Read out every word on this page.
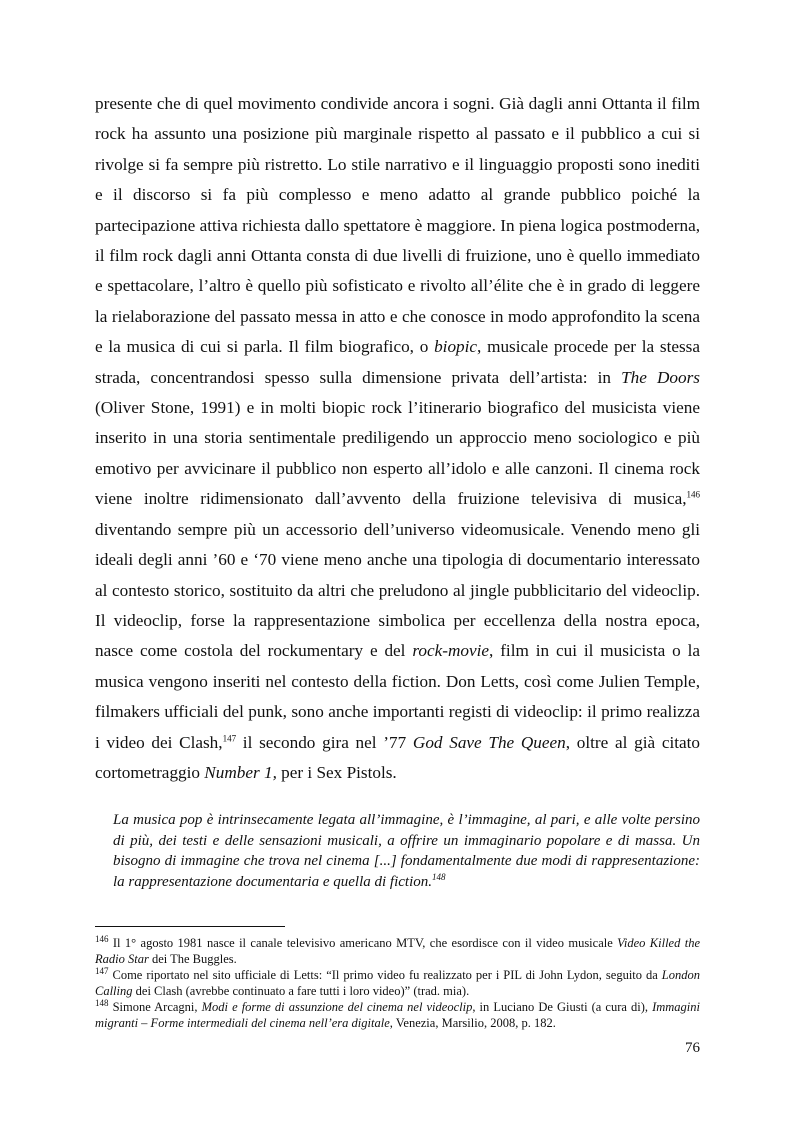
presente che di quel movimento condivide ancora i sogni. Già dagli anni Ottanta il film rock ha assunto una posizione più marginale rispetto al passato e il pubblico a cui si rivolge si fa sempre più ristretto. Lo stile narrativo e il linguaggio proposti sono inediti e il discorso si fa più complesso e meno adatto al grande pubblico poiché la partecipazione attiva richiesta dallo spettatore è maggiore. In piena logica postmoderna, il film rock dagli anni Ottanta consta di due livelli di fruizione, uno è quello immediato e spettacolare, l’altro è quello più sofisticato e rivolto all’élite che è in grado di leggere la rielaborazione del passato messa in atto e che conosce in modo approfondito la scena e la musica di cui si parla. Il film biografico, o biopic, musicale procede per la stessa strada, concentrandosi spesso sulla dimensione privata dell’artista: in The Doors (Oliver Stone, 1991) e in molti biopic rock l’itinerario biografico del musicista viene inserito in una storia sentimentale prediligendo un approccio meno sociologico e più emotivo per avvicinare il pubblico non esperto all’idolo e alle canzoni. Il cinema rock viene inoltre ridimensionato dall’avvento della fruizione televisiva di musica,$^{146}$ diventando sempre più un accessorio dell’universo videomusicale. Venendo meno gli ideali degli anni ’60 e ‘70 viene meno anche una tipologia di documentario interessato al contesto storico, sostituito da altri che preludono al jingle pubblicitario del videoclip. Il videoclip, forse la rappresentazione simbolica per eccellenza della nostra epoca, nasce come costola del rockumentary e del rock-movie, film in cui il musicista o la musica vengono inseriti nel contesto della fiction. Don Letts, così come Julien Temple, filmakers ufficiali del punk, sono anche importanti registi di videoclip: il primo realizza i video dei Clash,$^{147}$ il secondo gira nel ’77 God Save The Queen, oltre al già citato cortometraggio Number 1, per i Sex Pistols.

La musica pop è intrinsecamente legata all’immagine, è l’immagine, al pari, e alle volte persino di più, dei testi e delle sensazioni musicali, a offrire un immaginario popolare e di massa. Un bisogno di immagine che trova nel cinema [...] fondamentalmente due modi di rappresentazione: la rappresentazione documentaria e quella di fiction.$^{148}$

$^{146}$ Il 1° agosto 1981 nasce il canale televisivo americano MTV, che esordisce con il video musicale Video Killed the Radio Star dei The Buggles.

$^{147}$ Come riportato nel sito ufficiale di Letts: “Il primo video fu realizzato per i PIL di John Lydon, seguito da London Calling dei Clash (avrebbe continuato a fare tutti i loro video)” (trad. mia).

$^{148}$ Simone Arcagni, Modi e forme di assunzione del cinema nel videoclip, in Luciano De Giusti (a cura di), Immagini migranti – Forme intermediali del cinema nell’era digitale, Venezia, Marsilio, 2008, p. 182.

76
